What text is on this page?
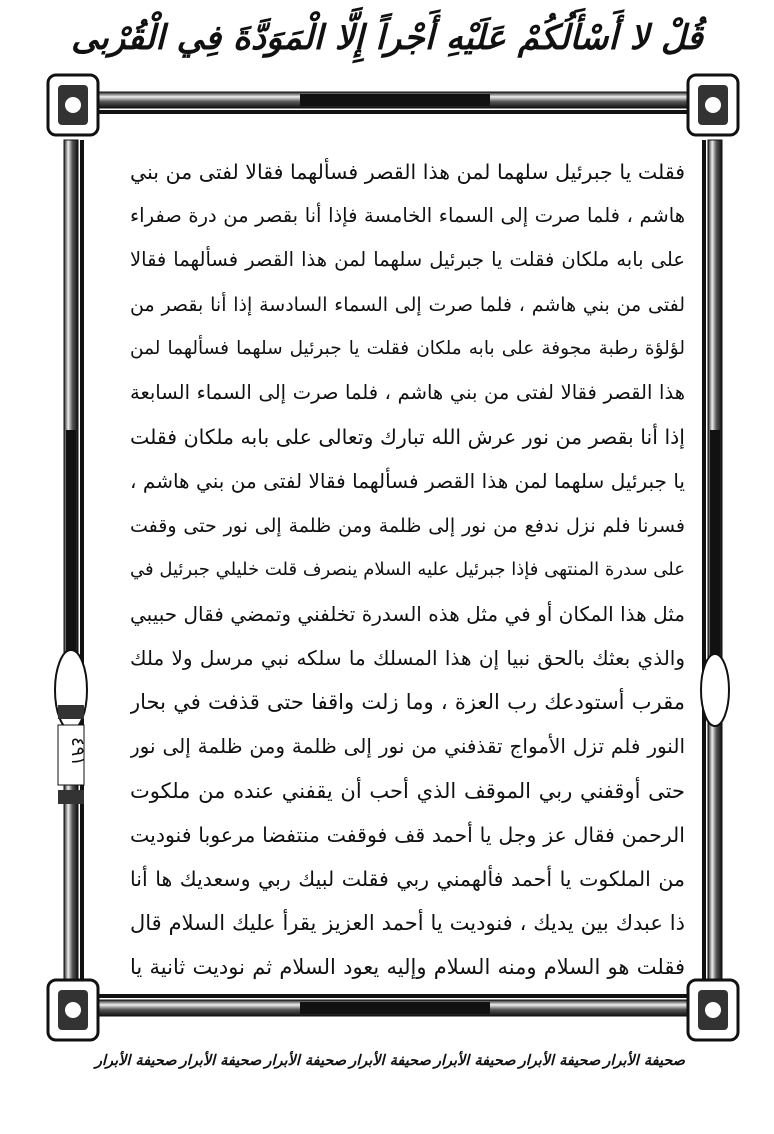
قُلْ لا أَسْأَلُكُمْ عَلَيْهِ أَجْراً إِلَّا الْمَوَدَّةَ فِي الْقُرْبى
فقلت يا جبرئيل سلهما لمن هذا القصر فسألهما فقالا لفتى من بني
هاشم ، فلما صرت إلى السماء الخامسة فإذا أنا بقصر من درة صفراء
على بابه ملكان فقلت يا جبرئيل سلهما لمن هذا القصر فسألهما فقالا
لفتى من بني هاشم ، فلما صرت إلى السماء السادسة إذا أنا بقصر من
لؤلؤة رطبة مجوفة على بابه ملكان فقلت يا جبرئيل سلهما فسألهما لمن
هذا القصر فقالا لفتى من بني هاشم ، فلما صرت إلى السماء السابعة
إذا أنا بقصر من نور عرش الله تبارك وتعالى على بابه ملكان فقلت
يا جبرئيل سلهما لمن هذا القصر فسألهما فقالا لفتى من بني هاشم ،
فسرنا فلم نزل ندفع من نور إلى ظلمة ومن ظلمة إلى نور حتى وقفت
على سدرة المنتهى فإذا جبرئيل عليه السلام ينصرف قلت خليلي جبرئيل في
مثل هذا المكان أو في مثل هذه السدرة تخلفني وتمضي فقال حبيبي
والذي بعثك بالحق نبيا إن هذا المسلك ما سلكه نبي مرسل ولا ملك
مقرب أستودعك رب العزة ، وما زلت واقفا حتى قذفت في بحار
النور فلم تزل الأمواج تقذفني من نور إلى ظلمة ومن ظلمة إلى نور
حتى أوقفني ربي الموقف الذي أحب أن يقفني عنده من ملكوت
الرحمن فقال عز وجل يا أحمد قف فوقفت منتفضا مرعوبا فنوديت
من الملكوت يا أحمد فألهمني ربي فقلت لبيك ربي وسعديك ها أنا
ذا عبدك بين يديك ، فنوديت يا أحمد العزيز يقرأ عليك السلام قال
فقلت هو السلام ومنه السلام وإليه يعود السلام ثم نوديت ثانية يا
٤٩١
صحيفة الأبرار
صحيفة الأبرار
صحيفة الأبرار
صحيفة الأبرار
صحيفة الأبرار
صحيفة الأبرار
صحيفة الأبرار
